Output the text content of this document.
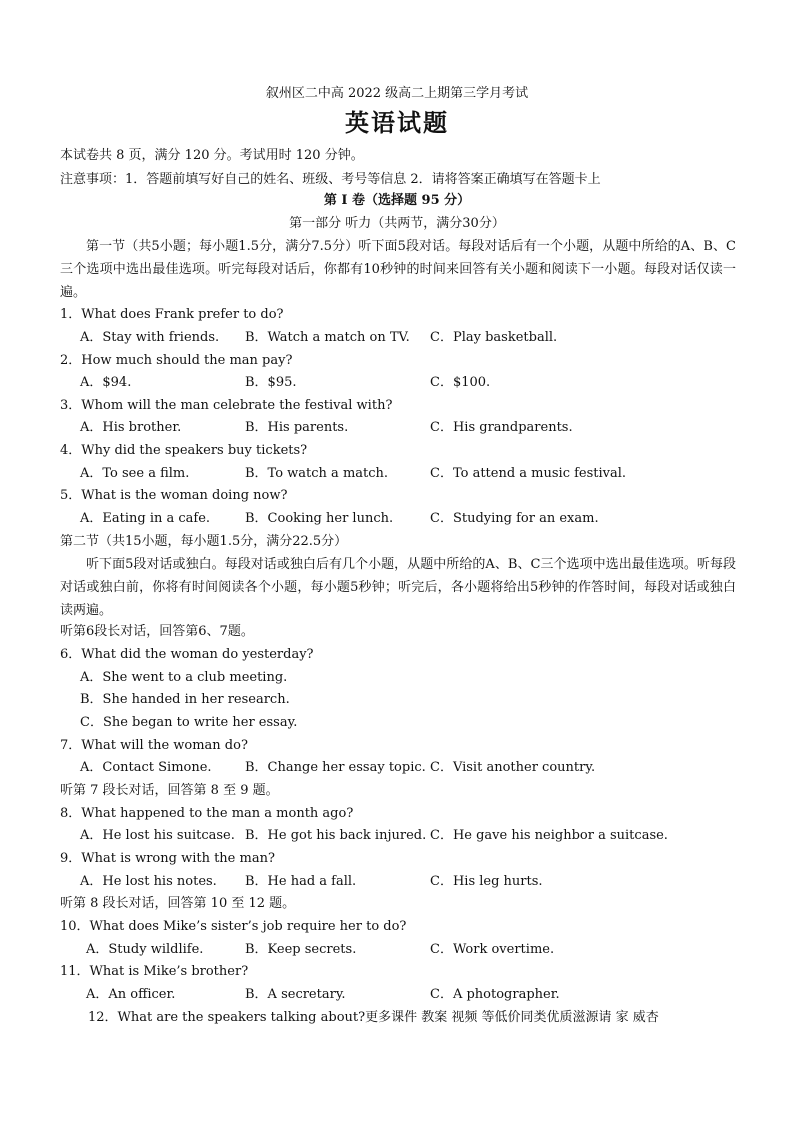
叙州区二中高 2022 级高二上期第三学月考试
英语试题
本试卷共 8 页，满分 120 分。考试用时 120 分钟。
注意事项：1．答题前填写好自己的姓名、班级、考号等信息 2．请将答案正确填写在答题卡上
第 I 卷（选择题 95 分）
第一部分 听力（共两节，满分30分）
第一节（共5小题；每小题1.5分，满分7.5分）听下面5段对话。每段对话后有一个小题，从题中所给的A、B、C三个选项中选出最佳选项。听完每段对话后，你都有10秒钟的时间来回答有关小题和阅读下一小题。每段对话仅读一遍。
1．What does Frank prefer to do?
A．Stay with friends. B．Watch a match on TV. C．Play basketball.
2．How much should the man pay?
A．$94.	B．$95.	C．$100.
3．Whom will the man celebrate the festival with?
A．His brother.	B．His parents.	C．His grandparents.
4．Why did the speakers buy tickets?
A．To see a film.	B．To watch a match.	C．To attend a music festival.
5．What is the woman doing now?
A．Eating in a cafe.	B．Cooking her lunch.	C．Studying for an exam.
第二节（共15小题，每小题1.5分，满分22.5分）
听下面5段对话或独白。每段对话或独白后有几个小题，从题中所给的A、B、C三个选项中选出最佳选项。听每段对话或独白前，你将有时间阅读各个小题，每小题5秒钟；听完后，各小题将给出5秒钟的作答时间，每段对话或独白读两遍。
听第6段长对话，回答第6、7题。
6．What did the woman do yesterday?
A．She went to a club meeting.
B．She handed in her research.
C．She began to write her essay.
7．What will the woman do?
A．Contact Simone.	B．Change her essay topic. C．Visit another country.
听第 7 段长对话，回答第 8 至 9 题。
8．What happened to the man a month ago?
A．He lost his suitcase. B．He got his back injured. C．He gave his neighbor a suitcase.
9．What is wrong with the man?
A．He lost his notes. B．He had a fall.	C．His leg hurts.
听第 8 段长对话，回答第 10 至 12 题。
10．What does Mike’s sister’s job require her to do?
A．Study wildlife.	B．Keep secrets.	C．Work overtime.
11．What is Mike’s brother?
A．An officer.	B．A secretary.	C．A photographer.
12．What are the speakers talking about?更多课件 教案 视频 等低价同类优质滋源请 家 威杏
